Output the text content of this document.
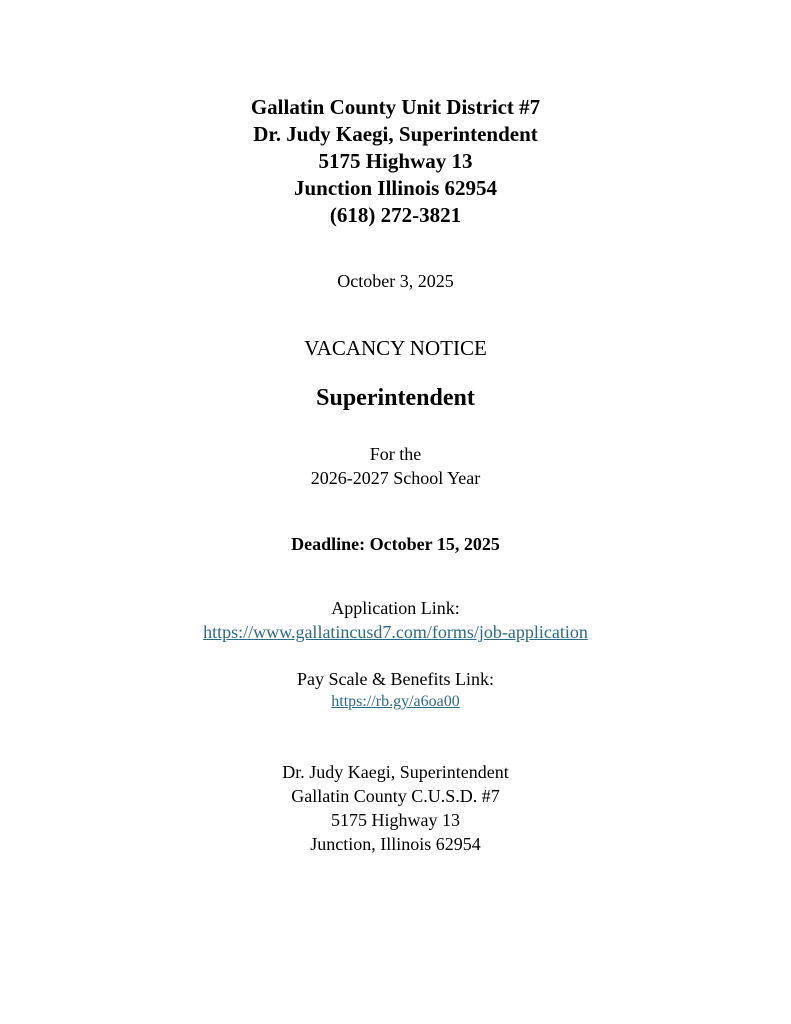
Gallatin County Unit District #7
Dr. Judy Kaegi, Superintendent
5175 Highway 13
Junction Illinois 62954
(618) 272-3821
October 3, 2025
VACANCY NOTICE
Superintendent
For the
2026-2027 School Year
Deadline: October 15, 2025
Application Link:
https://www.gallatincusd7.com/forms/job-application
Pay Scale & Benefits Link:
https://rb.gy/a6oa00
Dr. Judy Kaegi, Superintendent
Gallatin County C.U.S.D. #7
5175 Highway 13
Junction, Illinois 62954
